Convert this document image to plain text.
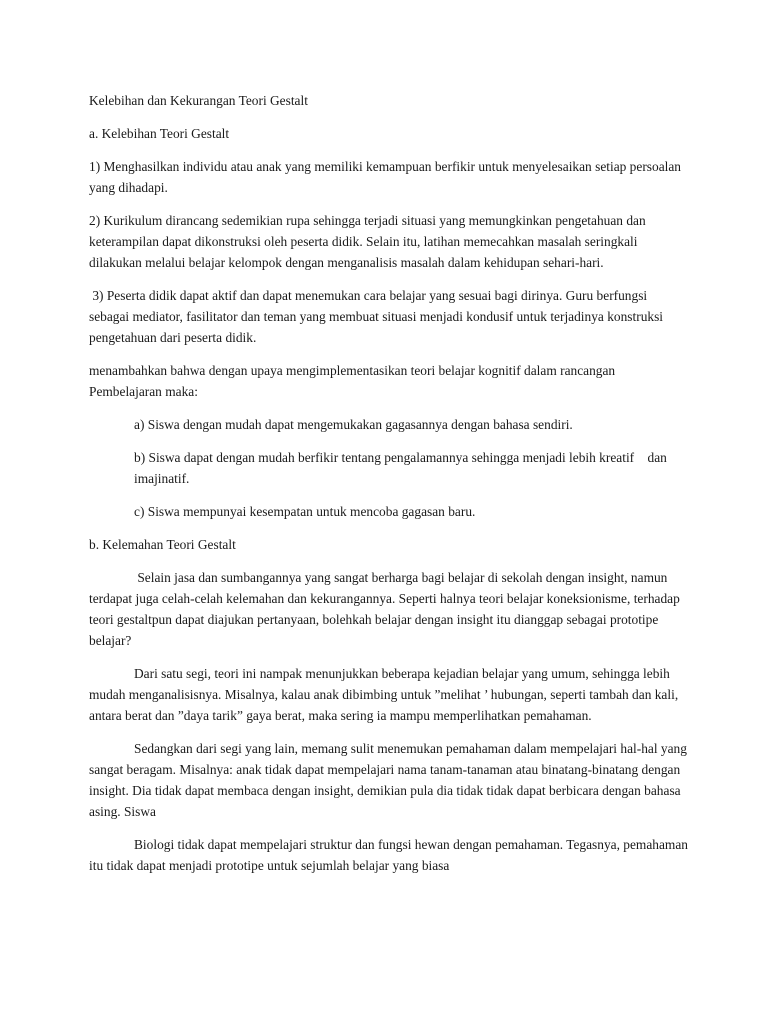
Kelebihan dan Kekurangan Teori Gestalt

a. Kelebihan Teori Gestalt

1) Menghasilkan individu atau anak yang memiliki kemampuan berfikir untuk menyelesaikan setiap persoalan yang dihadapi.

2) Kurikulum dirancang sedemikian rupa sehingga terjadi situasi yang memungkinkan pengetahuan dan keterampilan dapat dikonstruksi oleh peserta didik. Selain itu, latihan memecahkan masalah seringkali dilakukan melalui belajar kelompok dengan menganalisis masalah dalam kehidupan sehari-hari.

3) Peserta didik dapat aktif dan dapat menemukan cara belajar yang sesuai bagi dirinya. Guru berfungsi sebagai mediator, fasilitator dan teman yang membuat situasi menjadi kondusif untuk terjadinya konstruksi pengetahuan dari peserta didik.

menambahkan bahwa dengan upaya mengimplementasikan teori belajar kognitif dalam rancangan Pembelajaran maka:

a) Siswa dengan mudah dapat mengemukakan gagasannya dengan bahasa sendiri.

b) Siswa dapat dengan mudah berfikir tentang pengalamannya sehingga menjadi lebih kreatif    dan imajinatif.

c) Siswa mempunyai kesempatan untuk mencoba gagasan baru.

b. Kelemahan Teori Gestalt

Selain jasa dan sumbangannya yang sangat berharga bagi belajar di sekolah dengan insight, namun terdapat juga celah-celah kelemahan dan kekurangannya. Seperti halnya teori belajar koneksionisme, terhadap teori gestaltpun dapat diajukan pertanyaan, bolehkah belajar dengan insight itu dianggap sebagai prototipe belajar?

Dari satu segi, teori ini nampak menunjukkan beberapa kejadian belajar yang umum, sehingga lebih mudah menganalisisnya. Misalnya, kalau anak dibimbing untuk ”melihat ’ hubungan, seperti tambah dan kali, antara berat dan ”daya tarik” gaya berat, maka sering ia mampu memperlihatkan pemahaman.

Sedangkan dari segi yang lain, memang sulit menemukan pemahaman dalam mempelajari hal-hal yang sangat beragam. Misalnya: anak tidak dapat mempelajari nama tanam-tanaman atau binatang-binatang dengan insight. Dia tidak dapat membaca dengan insight, demikian pula dia tidak tidak dapat berbicara dengan bahasa asing. Siswa

Biologi tidak dapat mempelajari struktur dan fungsi hewan dengan pemahaman. Tegasnya, pemahaman itu tidak dapat menjadi prototipe untuk sejumlah belajar yang biasa
